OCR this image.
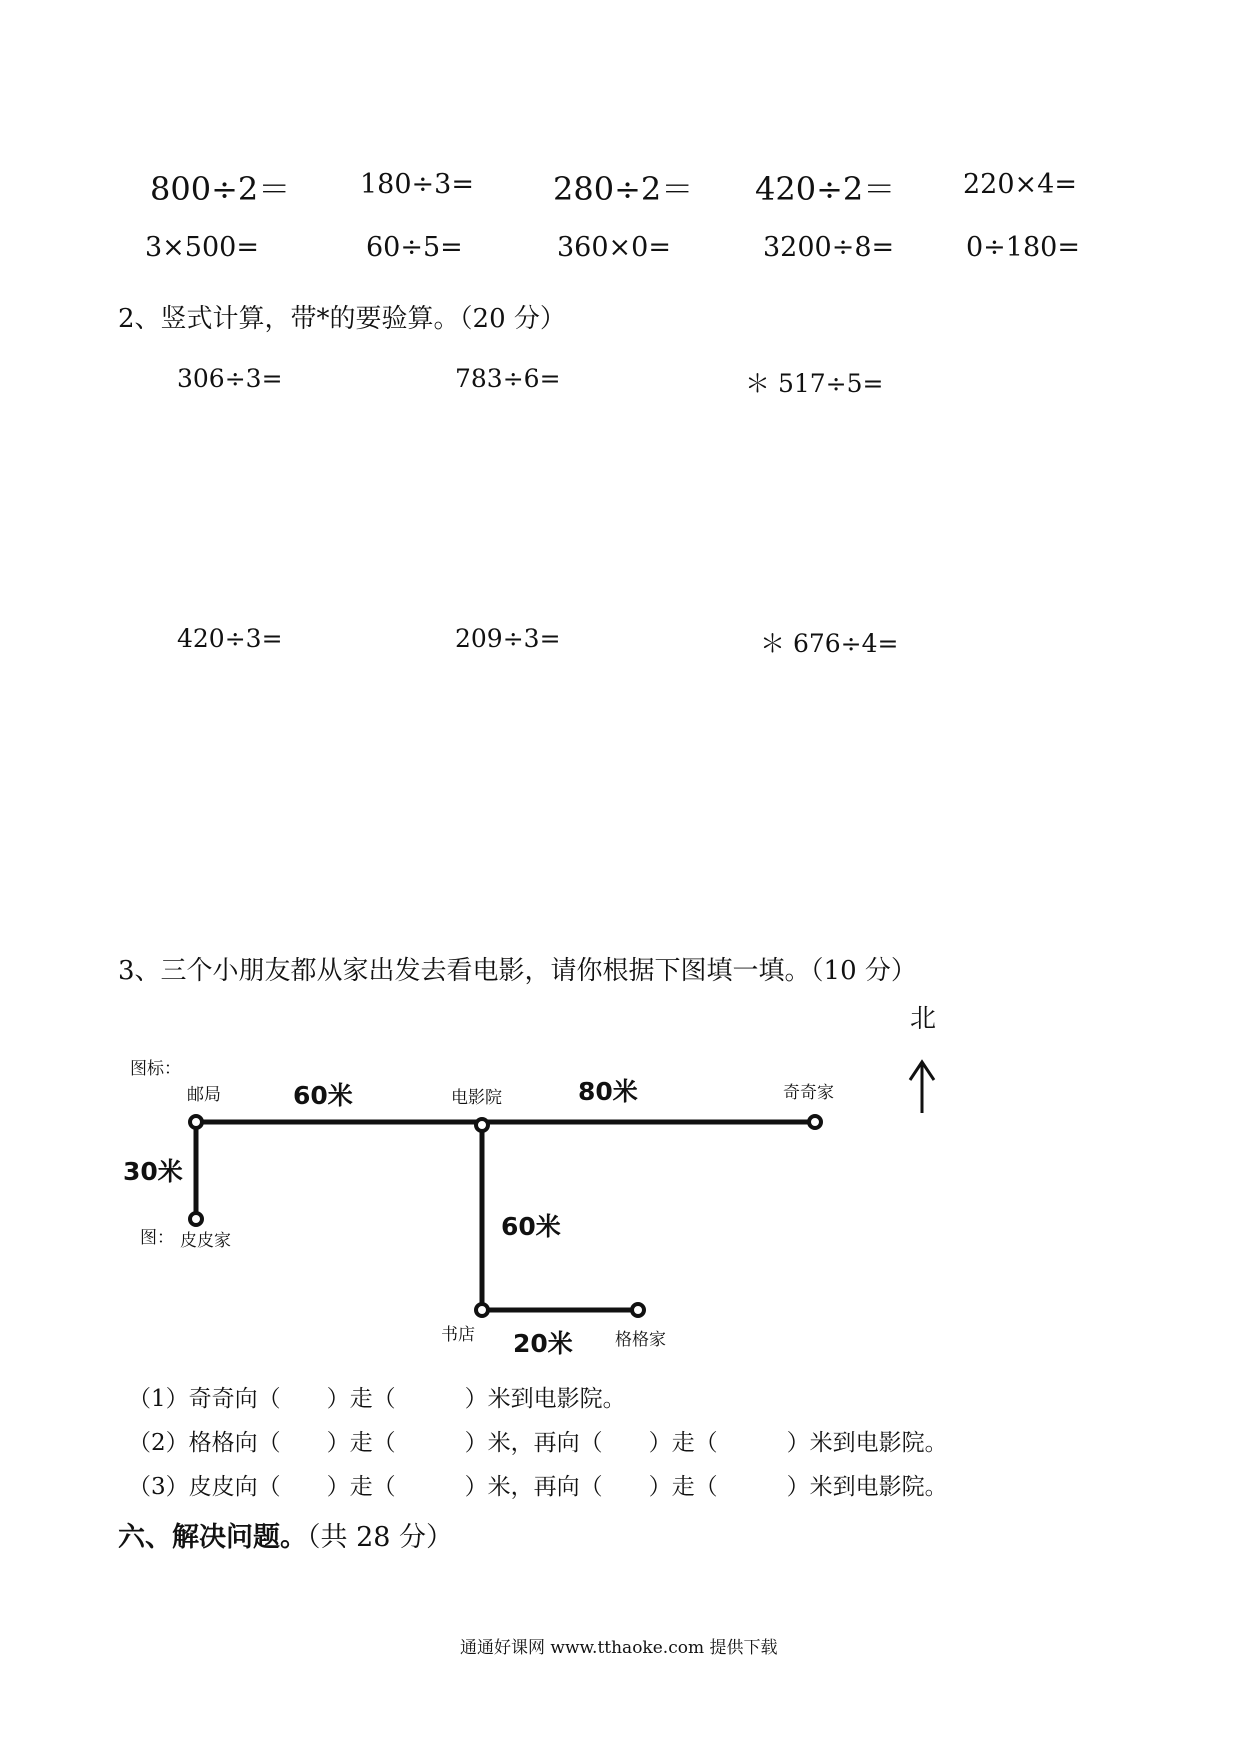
800÷2＝	180÷3= 280÷2＝ 420÷2＝	220×4=
3×500=	60÷5=	360×0=	3200÷8=	0÷180=
2、竖式计算，带*的要验算。（20 分）
306÷3=	783÷6=	＊ 517÷5=
420÷3=	209÷3=	＊ 676÷4=
3、三个小朋友都从家出发去看电影，请你根据下图填一填。（10 分）
北
图标：
图：
邮局	电影院	奇奇家
皮皮家
书店	格格家
60米	80米
30米
60米
20米
（1）奇奇向（　　）走（　　　）米到电影院。
（2）格格向（　　）走（　　　）米，再向（　　）走（　　　）米到电影院。
（3）皮皮向（　　）走（　　　）米，再向（　　）走（　　　）米到电影院。
六、解决问题。（共 28 分）
通通好课网 www.tthaoke.com 提供下载
